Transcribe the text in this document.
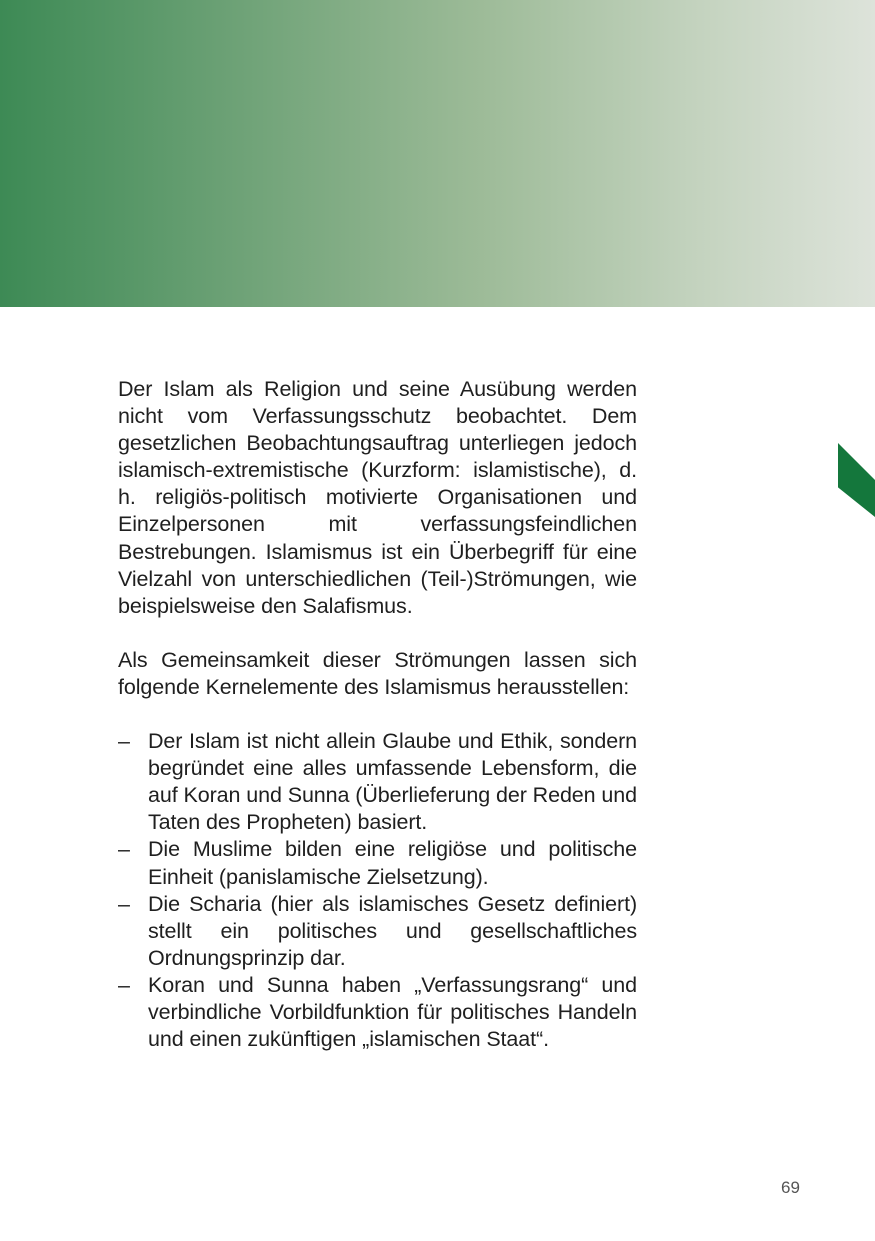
Der Islam als Religion und seine Ausübung werden nicht vom Verfassungsschutz beobachtet. Dem gesetzlichen Beobachtungsauftrag unterliegen jedoch islamisch-extremistische (Kurzform: islamistische), d. h. religiös-politisch motivierte Organisationen und Einzelpersonen mit verfassungsfeindlichen Bestrebungen. Islamismus ist ein Überbegriff für eine Vielzahl von unterschiedlichen (Teil-)Strömungen, wie beispielsweise den Salafismus.

Als Gemeinsamkeit dieser Strömungen lassen sich folgende Kernelemente des Islamismus herausstellen:

– Der Islam ist nicht allein Glaube und Ethik, sondern begründet eine alles umfassende Lebensform, die auf Koran und Sunna (Überlieferung der Reden und Taten des Propheten) basiert.
– Die Muslime bilden eine religiöse und politische Einheit (panislamische Zielsetzung).
– Die Scharia (hier als islamisches Gesetz definiert) stellt ein politisches und gesellschaftliches Ordnungsprinzip dar.
– Koran und Sunna haben „Verfassungsrang“ und verbindliche Vorbildfunktion für politisches Handeln und einen zukünftigen „islamischen Staat“.
69
